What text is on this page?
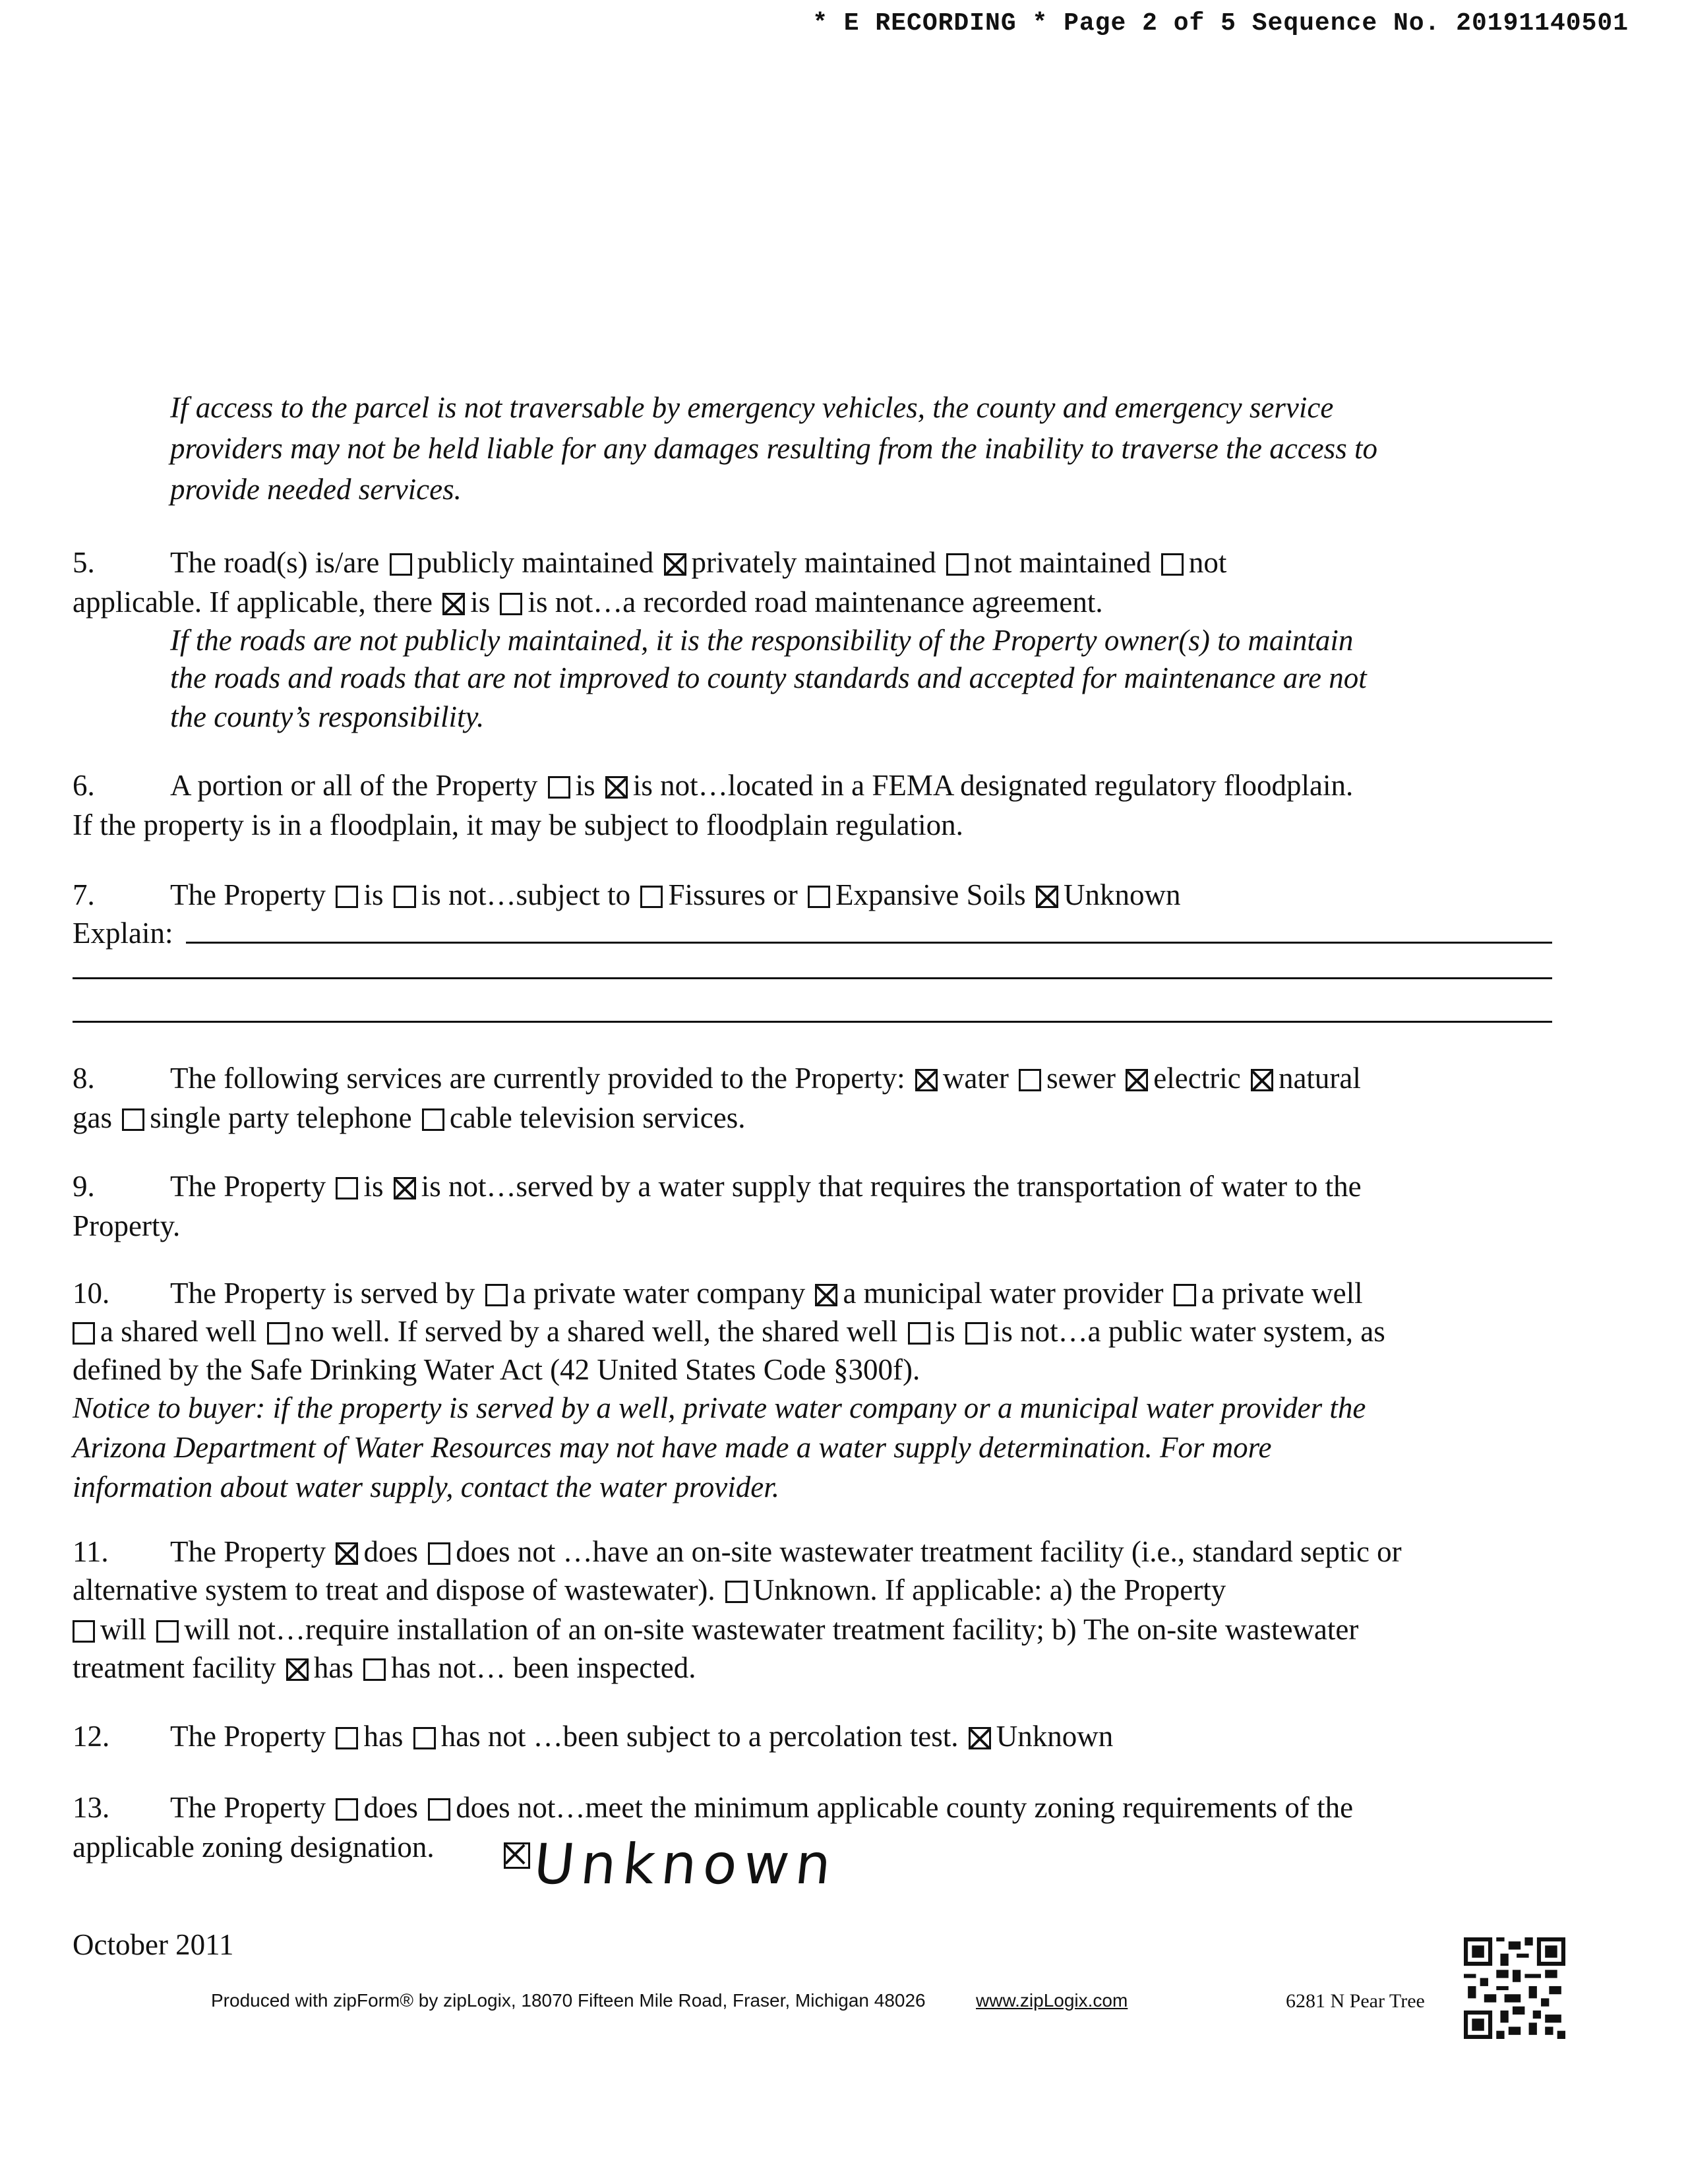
* E RECORDING * Page 2 of 5 Sequence No. 20191140501
If access to the parcel is not traversable by emergency vehicles, the county and emergency service
providers may not be held liable for any damages resulting from the inability to traverse the access to
provide needed services.
5.	The road(s) is/are publicly maintained privately maintained not maintained not
applicable. If applicable, there is is not…a recorded road maintenance agreement.
If the roads are not publicly maintained, it is the responsibility of the Property owner(s) to maintain
the roads and roads that are not improved to county standards and accepted for maintenance are not
the county’s responsibility.
6.	A portion or all of the Property is is not…located in a FEMA designated regulatory floodplain.
If the property is in a floodplain, it may be subject to floodplain regulation.
7.	The Property is is not…subject to Fissures or Expansive Soils Unknown
Explain:
8.	The following services are currently provided to the Property: water sewer electric natural
gas single party telephone cable television services.
9.	The Property is is not…served by a water supply that requires the transportation of water to the
Property.
10. The Property is served by a private water company a municipal water provider a private well
a shared well no well. If served by a shared well, the shared well is is not…a public water system, as
defined by the Safe Drinking Water Act (42 United States Code §300f).
Notice to buyer: if the property is served by a well, private water company or a municipal water provider the
Arizona Department of Water Resources may not have made a water supply determination. For more
information about water supply, contact the water provider.
11. The Property does does not …have an on-site wastewater treatment facility (i.e., standard septic or
alternative system to treat and dispose of wastewater). Unknown. If applicable: a) the Property
will will not…require installation of an on-site wastewater treatment facility; b) The on-site wastewater
treatment facility has has not… been inspected.
12. The Property has has not …been subject to a percolation test. Unknown
13. The Property does does not…meet the minimum applicable county zoning requirements of the
applicable zoning designation. Unknown
October 2011
Produced with zipForm® by zipLogix, 18070 Fifteen Mile Road, Fraser, Michigan 48026	www.zipLogix.com	6281 N Pear Tree
